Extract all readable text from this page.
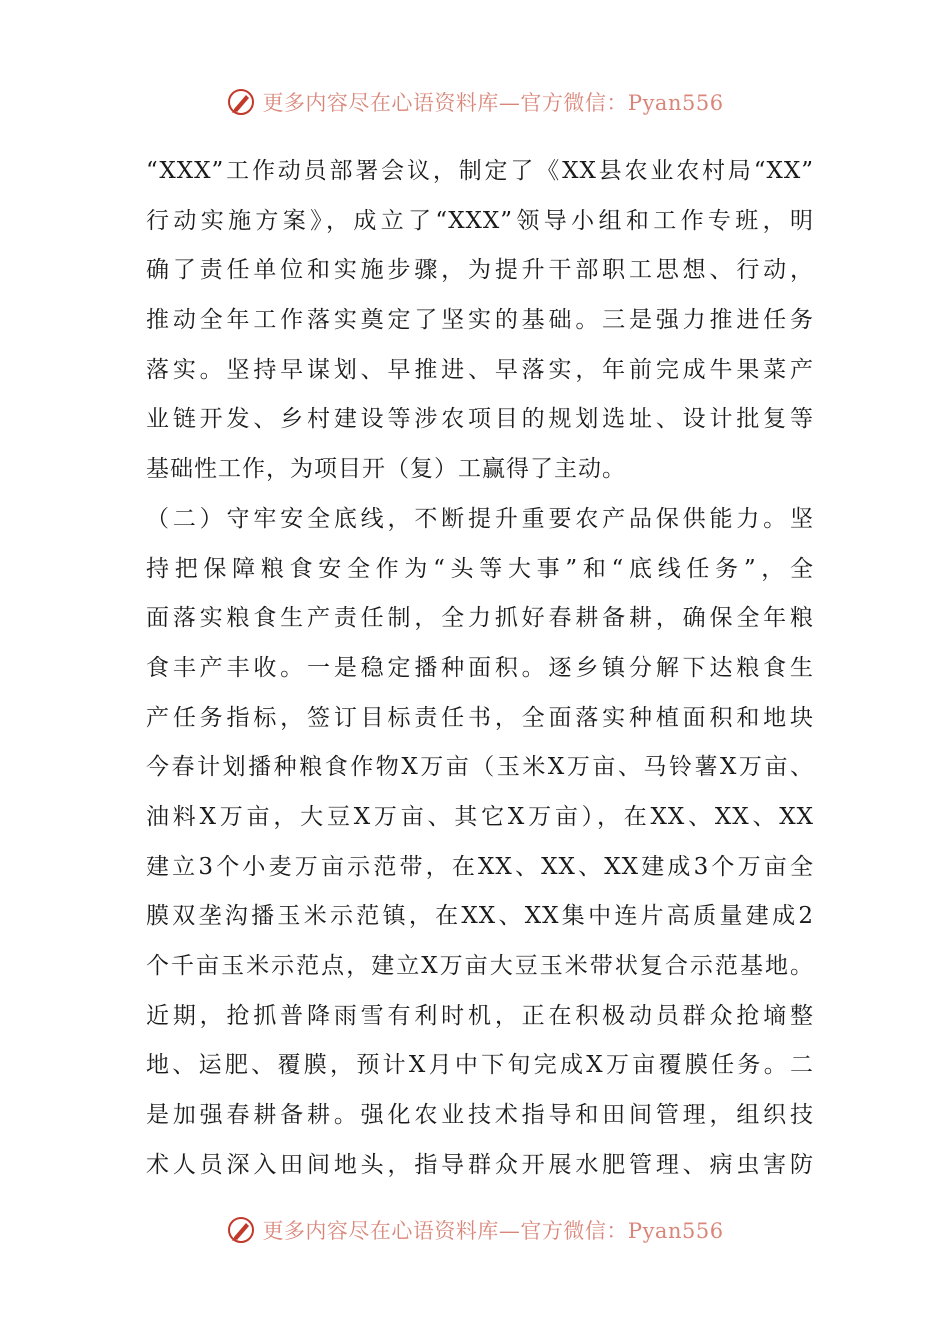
更多内容尽在心语资料库—官方微信：Pyan556
“XXX”工作动员部署会议，制定了《XX县农业农村局“XX”
行动实施方案》，成立了“XXX”领导小组和工作专班，明
确了责任单位和实施步骤，为提升干部职工思想、行动，
推动全年工作落实奠定了坚实的基础。三是强力推进任务
落实。坚持早谋划、早推进、早落实，年前完成牛果菜产
业链开发、乡村建设等涉农项目的规划选址、设计批复等
基础性工作，为项目开（复）工赢得了主动。
（二）守牢安全底线，不断提升重要农产品保供能力。坚
持把保障粮食安全作为“头等大事”和“底线任务”，全
面落实粮食生产责任制，全力抓好春耕备耕，确保全年粮
食丰产丰收。一是稳定播种面积。逐乡镇分解下达粮食生
产任务指标，签订目标责任书，全面落实种植面积和地块
今春计划播种粮食作物X万亩（玉米X万亩、马铃薯X万亩、
油料X万亩，大豆X万亩、其它X万亩），在XX、XX、XX
建立3个小麦万亩示范带，在XX、XX、XX建成3个万亩全
膜双垄沟播玉米示范镇，在XX、XX集中连片高质量建成2
个千亩玉米示范点，建立X万亩大豆玉米带状复合示范基地。
近期，抢抓普降雨雪有利时机，正在积极动员群众抢墒整
地、运肥、覆膜，预计X月中下旬完成X万亩覆膜任务。二
是加强春耕备耕。强化农业技术指导和田间管理，组织技
术人员深入田间地头，指导群众开展水肥管理、病虫害防
更多内容尽在心语资料库—官方微信：Pyan556
